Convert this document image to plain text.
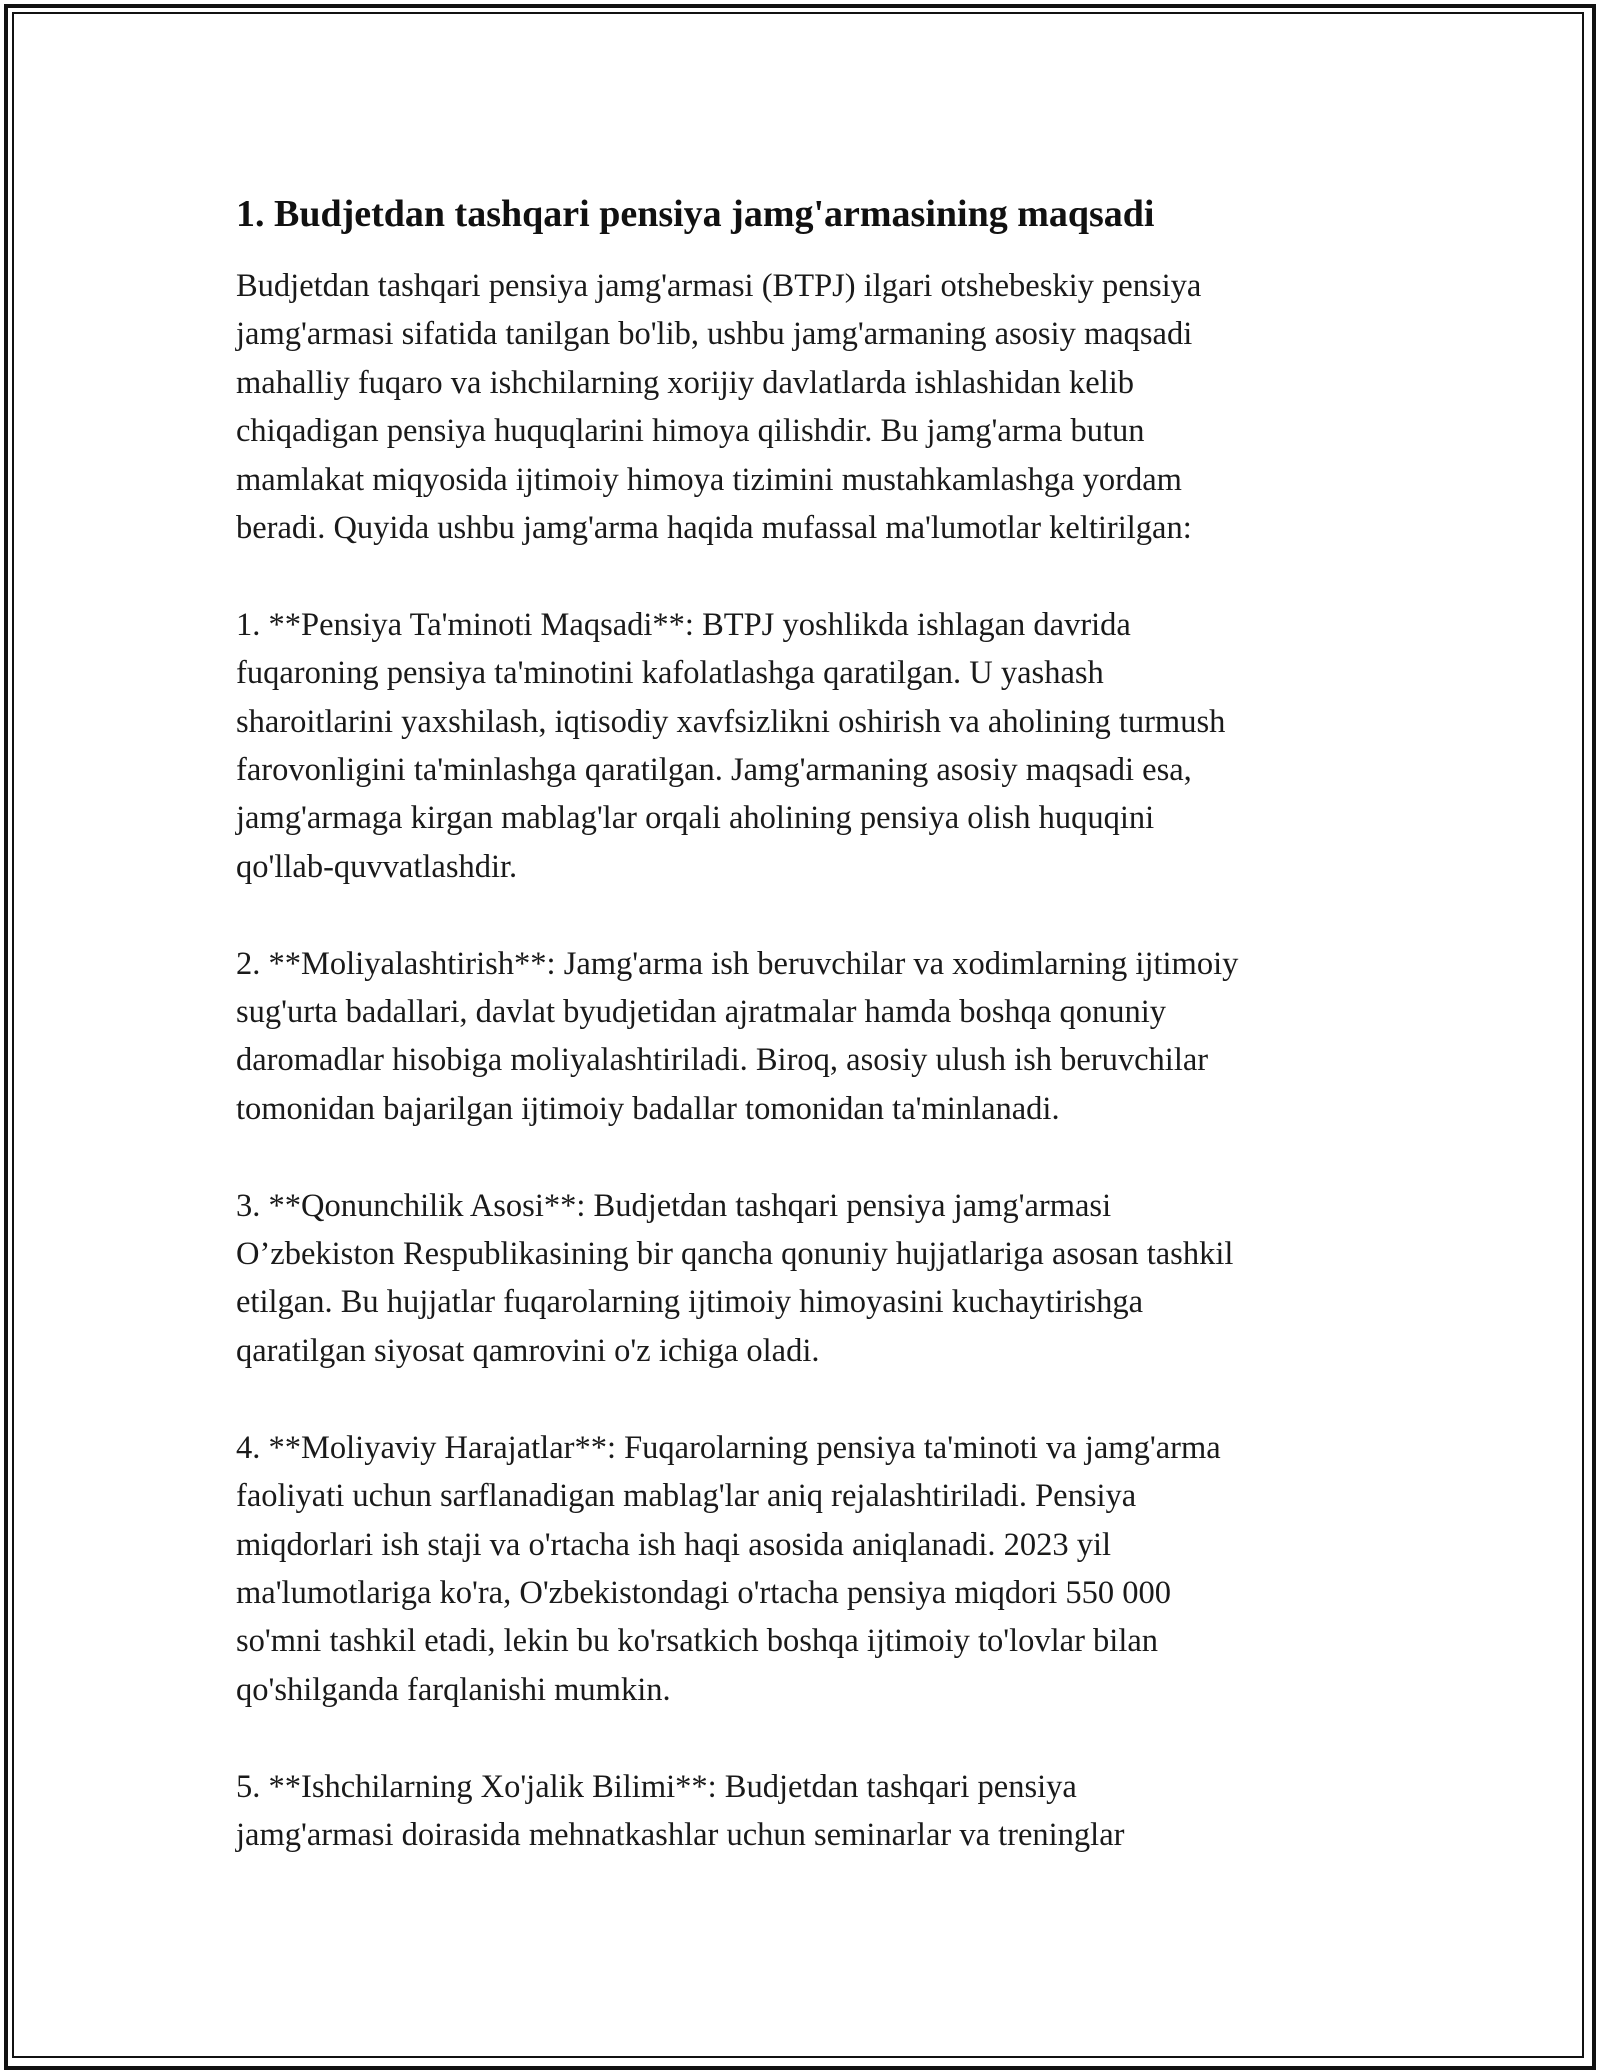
1. Budjetdan tashqari pensiya jamg'armasining maqsadi

Budjetdan tashqari pensiya jamg'armasi (BTPJ) ilgari otshebeskiy pensiya
jamg'armasi sifatida tanilgan bo'lib, ushbu jamg'armaning asosiy maqsadi
mahalliy fuqaro va ishchilarning xorijiy davlatlarda ishlashidan kelib
chiqadigan pensiya huquqlarini himoya qilishdir. Bu jamg'arma butun
mamlakat miqyosida ijtimoiy himoya tizimini mustahkamlashga yordam
beradi. Quyida ushbu jamg'arma haqida mufassal ma'lumotlar keltirilgan:

1. **Pensiya Ta'minoti Maqsadi**: BTPJ yoshlikda ishlagan davrida
fuqaroning pensiya ta'minotini kafolatlashga qaratilgan. U yashash
sharoitlarini yaxshilash, iqtisodiy xavfsizlikni oshirish va aholining turmush
farovonligini ta'minlashga qaratilgan. Jamg'armaning asosiy maqsadi esa,
jamg'armaga kirgan mablag'lar orqali aholining pensiya olish huquqini
qo'llab-quvvatlashdir.

2. **Moliyalashtirish**: Jamg'arma ish beruvchilar va xodimlarning ijtimoiy
sug'urta badallari, davlat byudjetidan ajratmalar hamda boshqa qonuniy
daromadlar hisobiga moliyalashtiriladi. Biroq, asosiy ulush ish beruvchilar
tomonidan bajarilgan ijtimoiy badallar tomonidan ta'minlanadi.

3. **Qonunchilik Asosi**: Budjetdan tashqari pensiya jamg'armasi
O’zbekiston Respublikasining bir qancha qonuniy hujjatlariga asosan tashkil
etilgan. Bu hujjatlar fuqarolarning ijtimoiy himoyasini kuchaytirishga
qaratilgan siyosat qamrovini o'z ichiga oladi.

4. **Moliyaviy Harajatlar**: Fuqarolarning pensiya ta'minoti va jamg'arma
faoliyati uchun sarflanadigan mablag'lar aniq rejalashtiriladi. Pensiya
miqdorlari ish staji va o'rtacha ish haqi asosida aniqlanadi. 2023 yil
ma'lumotlariga ko'ra, O'zbekistondagi o'rtacha pensiya miqdori 550 000
so'mni tashkil etadi, lekin bu ko'rsatkich boshqa ijtimoiy to'lovlar bilan
qo'shilganda farqlanishi mumkin.

5. **Ishchilarning Xo'jalik Bilimi**: Budjetdan tashqari pensiya
jamg'armasi doirasida mehnatkashlar uchun seminarlar va treninglar
